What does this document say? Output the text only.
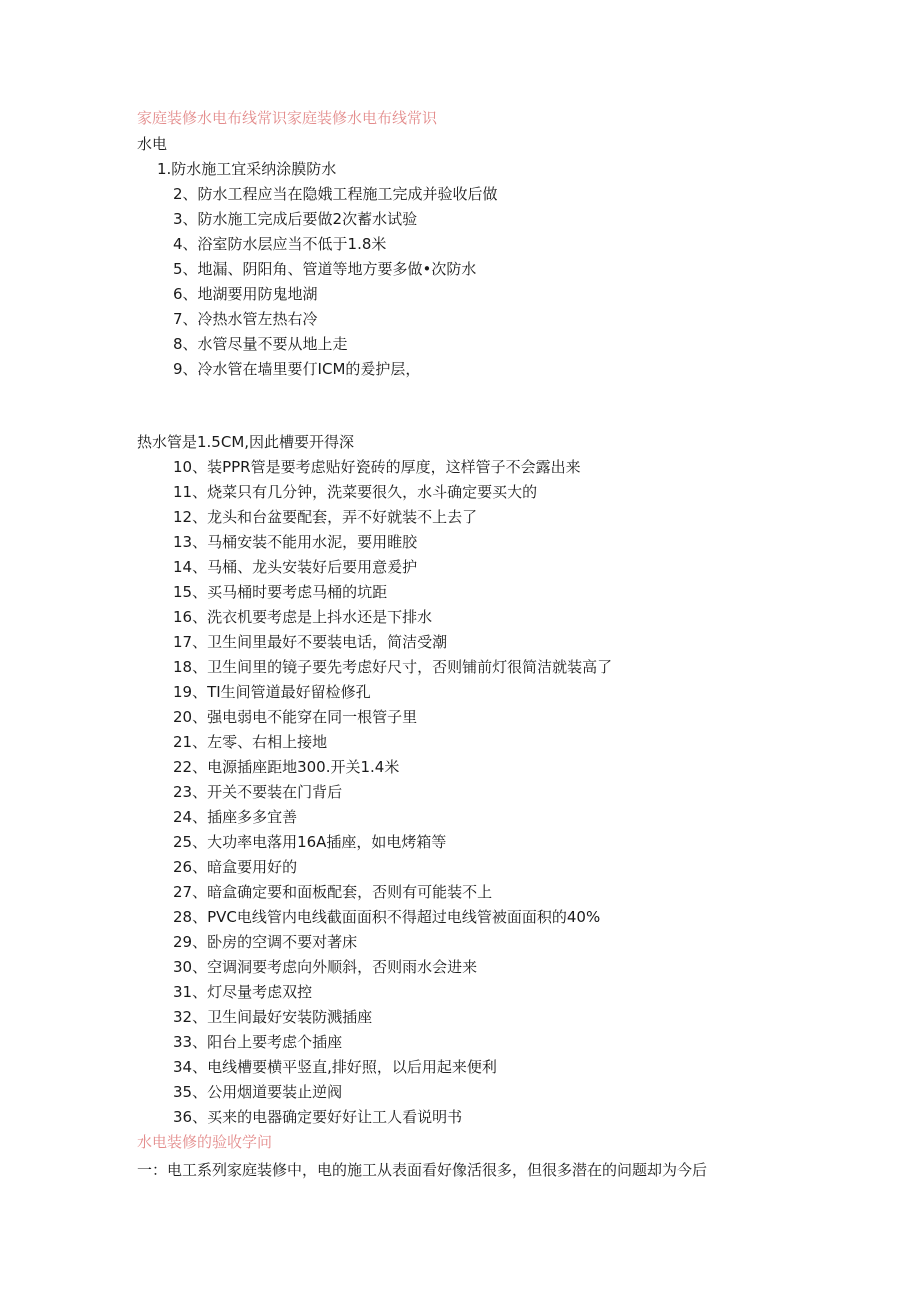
家庭装修水电布线常识家庭装修水电布线常识
水电
1.防水施工宜采纳涂膜防水
2、防水工程应当在隐娥工程施工完成并验收后做
3、防水施工完成后要做2次蓄水试验
4、浴室防水层应当不低于1.8米
5、地漏、阴阳角、管道等地方要多做•次防水
6、地湖要用防鬼地湖
7、冷热水管左热右冷
8、水管尽量不要从地上走
9、冷水管在墙里要仃ICM的爰护层，
热水管是1.5CM,因此槽要开得深
10、装PPR管是要考虑贴好瓷砖的厚度，这样管子不会露出来
11、烧菜只有几分钟，洗菜要很久，水斗确定要买大的
12、龙头和台盆要配套，弄不好就装不上去了
13、马桶安装不能用水泥，要用睢胶
14、马桶、龙头安装好后要用意爰护
15、买马桶时要考虑马桶的坑距
16、洗衣机要考虑是上抖水还是下排水
17、卫生间里最好不要装电话，简洁受潮
18、卫生间里的镜子要先考虑好尺寸，否则铺前灯很简洁就装高了
19、TI生间管道最好留检修孔
20、强电弱电不能穿在同一根管子里
21、左零、右相上接地
22、电源插座距地300.开关1.4米
23、开关不要装在门背后
24、插座多多宜善
25、大功率电落用16A插座，如电烤箱等
26、暗盒要用好的
27、暗盒确定要和面板配套，否则有可能装不上
28、PVC电线管内电线截面面积不得超过电线管被面面积的40%
29、卧房的空调不要对著床
30、空调洞要考虑向外顺斜，否则雨水会进来
31、灯尽量考虑双控
32、卫生间最好安装防溅插座
33、阳台上要考虑个插座
34、电线槽要横平竖直,排好照，以后用起来便利
35、公用烟道要装止逆阀
36、买来的电器确定要好好让工人看说明书
水电装修的验收学问
一：电工系列家庭装修中，电的施工从表面看好像活很多，但很多潜在的问题却为今后
